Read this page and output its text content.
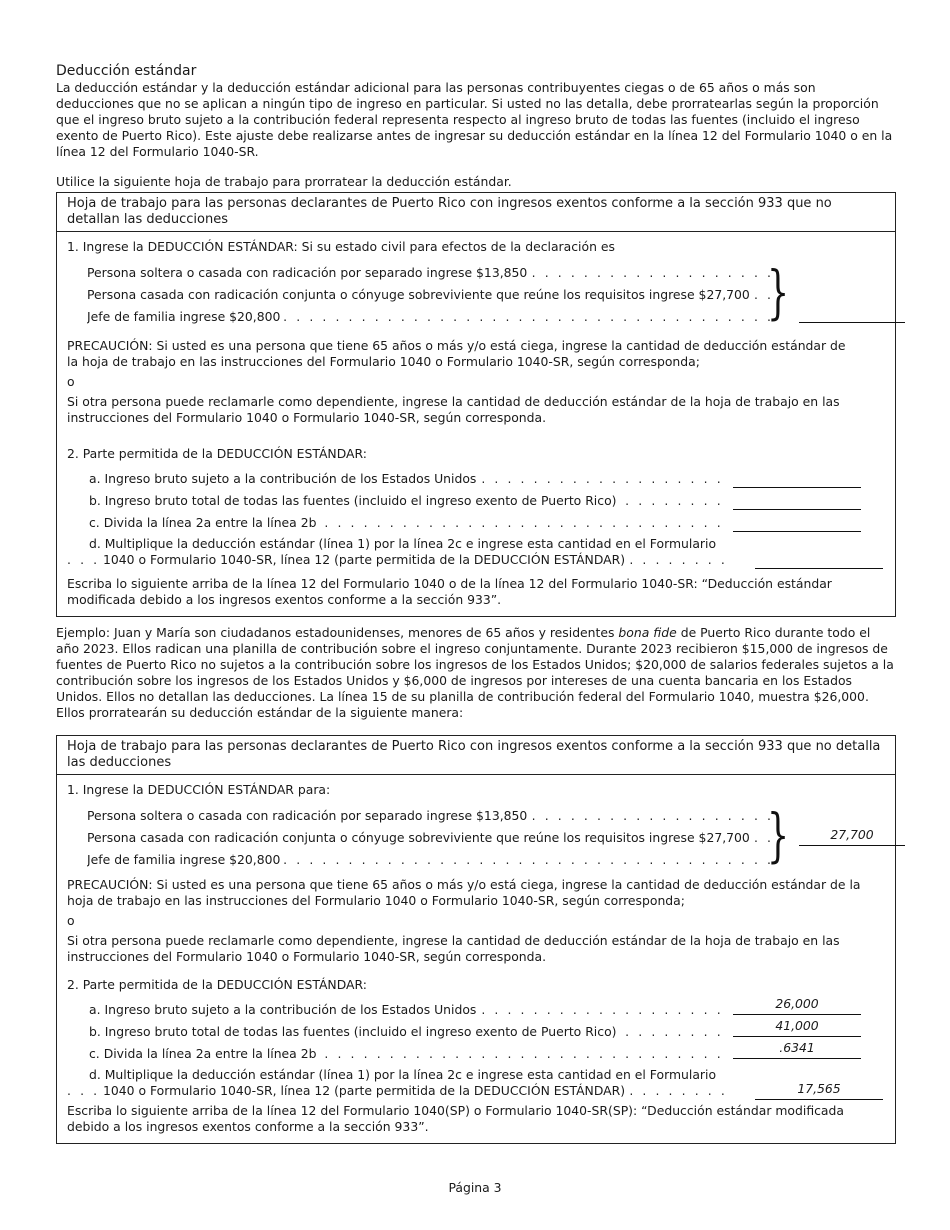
Deducción estándar

La deducción estándar y la deducción estándar adicional para las personas contribuyentes ciegas o de 65 años o más son deducciones que no se aplican a ningún tipo de ingreso en particular. Si usted no las detalla, debe prorratearlas según la proporción que el ingreso bruto sujeto a la contribución federal representa respecto al ingreso bruto de todas las fuentes (incluido el ingreso exento de Puerto Rico). Este ajuste debe realizarse antes de ingresar su deducción estándar en la línea 12 del Formulario 1040 o en la línea 12 del Formulario 1040-SR.

Utilice la siguiente hoja de trabajo para prorratear la deducción estándar.

Hoja de trabajo para las personas declarantes de Puerto Rico con ingresos exentos conforme a la sección 933 que no detallan las deducciones
1. Ingrese la DEDUCCIÓN ESTÁNDAR: Si su estado civil para efectos de la declaración es
Persona soltera o casada con radicación por separado ingrese $13,850 . . .
Persona casada con radicación conjunta o cónyuge sobreviviente que reúne los requisitos ingrese $27,700 . . .
Jefe de familia ingrese $20,800 . . .	}
PRECAUCIÓN: Si usted es una persona que tiene 65 años o más y/o está ciega, ingrese la cantidad de deducción estándar de la hoja de trabajo en las instrucciones del Formulario 1040 o Formulario 1040-SR, según corresponda;
o
Si otra persona puede reclamarle como dependiente, ingrese la cantidad de deducción estándar de la hoja de trabajo en las instrucciones del Formulario 1040 o Formulario 1040-SR, según corresponda.
2. Parte permitida de la DEDUCCIÓN ESTÁNDAR:
a. Ingreso bruto sujeto a la contribución de los Estados Unidos . . .
b. Ingreso bruto total de todas las fuentes (incluido el ingreso exento de Puerto Rico) . . .
c. Divida la línea 2a entre la línea 2b . . .
d. Multiplique la deducción estándar (línea 1) por la línea 2c e ingrese esta cantidad en el Formulario
1040 o Formulario 1040-SR, línea 12 (parte permitida de la DEDUCCIÓN ESTÁNDAR) . . .
Escriba lo siguiente arriba de la línea 12 del Formulario 1040 o de la línea 12 del Formulario 1040-SR: “Deducción estándar modificada debido a los ingresos exentos conforme a la sección 933”.

Ejemplo: Juan y María son ciudadanos estadounidenses, menores de 65 años y residentes bona fide de Puerto Rico durante todo el año 2023. Ellos radican una planilla de contribución sobre el ingreso conjuntamente. Durante 2023 recibieron $15,000 de ingresos de fuentes de Puerto Rico no sujetos a la contribución sobre los ingresos de los Estados Unidos; $20,000 de salarios federales sujetos a la contribución sobre los ingresos de los Estados Unidos y $6,000 de ingresos por intereses de una cuenta bancaria en los Estados Unidos. Ellos no detallan las deducciones. La línea 15 de su planilla de contribución federal del Formulario 1040, muestra $26,000. Ellos prorratearán su deducción estándar de la siguiente manera:

Hoja de trabajo para las personas declarantes de Puerto Rico con ingresos exentos conforme a la sección 933 que no detalla las deducciones
1. Ingrese la DEDUCCIÓN ESTÁNDAR para:
Persona soltera o casada con radicación por separado ingrese $13,850 . . .
Persona casada con radicación conjunta o cónyuge sobreviviente que reúne los requisitos ingrese $27,700 . . .
Jefe de familia ingrese $20,800 . . .	}	27,700
PRECAUCIÓN: Si usted es una persona que tiene 65 años o más y/o está ciega, ingrese la cantidad de deducción estándar de la hoja de trabajo en las instrucciones del Formulario 1040 o Formulario 1040-SR, según corresponda;
o
Si otra persona puede reclamarle como dependiente, ingrese la cantidad de deducción estándar de la hoja de trabajo en las instrucciones del Formulario 1040 o Formulario 1040-SR, según corresponda.
2. Parte permitida de la DEDUCCIÓN ESTÁNDAR:
a. Ingreso bruto sujeto a la contribución de los Estados Unidos . . .	26,000
b. Ingreso bruto total de todas las fuentes (incluido el ingreso exento de Puerto Rico) . . .	41,000
c. Divida la línea 2a entre la línea 2b . . .	.6341
d. Multiplique la deducción estándar (línea 1) por la línea 2c e ingrese esta cantidad en el Formulario
1040 o Formulario 1040-SR, línea 12 (parte permitida de la DEDUCCIÓN ESTÁNDAR) . . .	17,565
Escriba lo siguiente arriba de la línea 12 del Formulario 1040(SP) o Formulario 1040-SR(SP): “Deducción estándar modificada debido a los ingresos exentos conforme a la sección 933”.
Página 3
